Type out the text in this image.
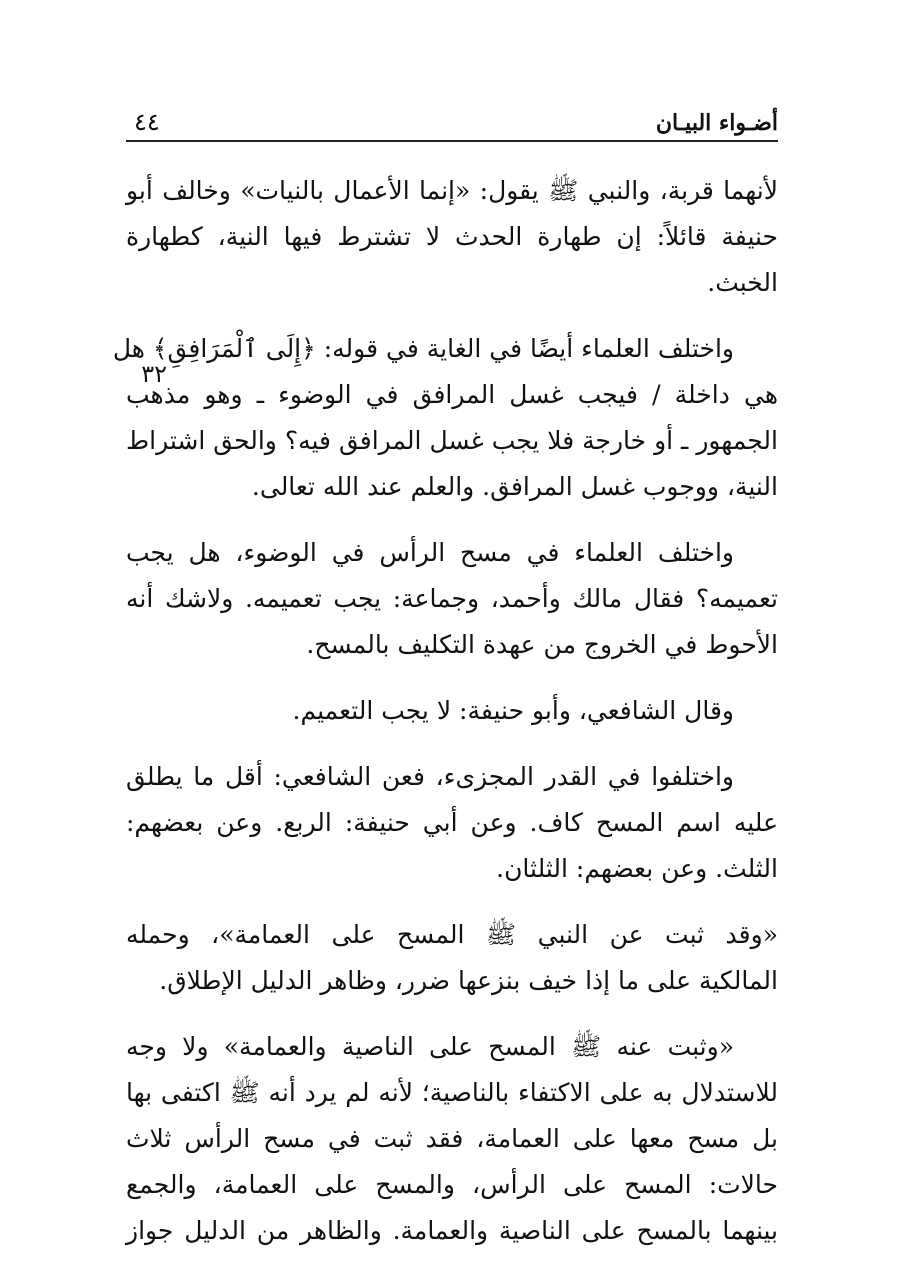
أضـواء البيـان
٤٤
٣٢
لأنهما قربة، والنبي ﷺ يقول: «إنما الأعمال بالنيات» وخالف أبو
حنيفة قائلاً: إن طهارة الحدث لا تشترط فيها النية، كطهارة
الخبث.
واختلف العلماء أيضًا في الغاية في قوله: ﴿إِلَى ٱلْمَرَافِقِ﴾ هل
هي داخلة / فيجب غسل المرافق في الوضوء ـ وهو مذهب
الجمهور ـ أو خارجة فلا يجب غسل المرافق فيه؟ والحق اشتراط
النية، ووجوب غسل المرافق. والعلم عند الله تعالى.
واختلف العلماء في مسح الرأس في الوضوء، هل يجب
تعميمه؟ فقال مالك وأحمد، وجماعة: يجب تعميمه. ولاشك أنه
الأحوط في الخروج من عهدة التكليف بالمسح.
وقال الشافعي، وأبو حنيفة: لا يجب التعميم.
واختلفوا في القدر المجزىء، فعن الشافعي: أقل ما يطلق
عليه اسم المسح كاف. وعن أبي حنيفة: الربع. وعن بعضهم:
الثلث. وعن بعضهم: الثلثان.
«وقد ثبت عن النبي ﷺ المسح على العمامة»، وحمله
المالكية على ما إذا خيف بنزعها ضرر، وظاهر الدليل الإطلاق.
«وثبت عنه ﷺ المسح على الناصية والعمامة» ولا وجه
للاستدلال به على الاكتفاء بالناصية؛ لأنه لم يرد أنه ﷺ اكتفى بها
بل مسح معها على العمامة، فقد ثبت في مسح الرأس ثلاث
حالات: المسح على الرأس، والمسح على العمامة، والجمع
بينهما بالمسح على الناصية والعمامة. والظاهر من الدليل جواز
